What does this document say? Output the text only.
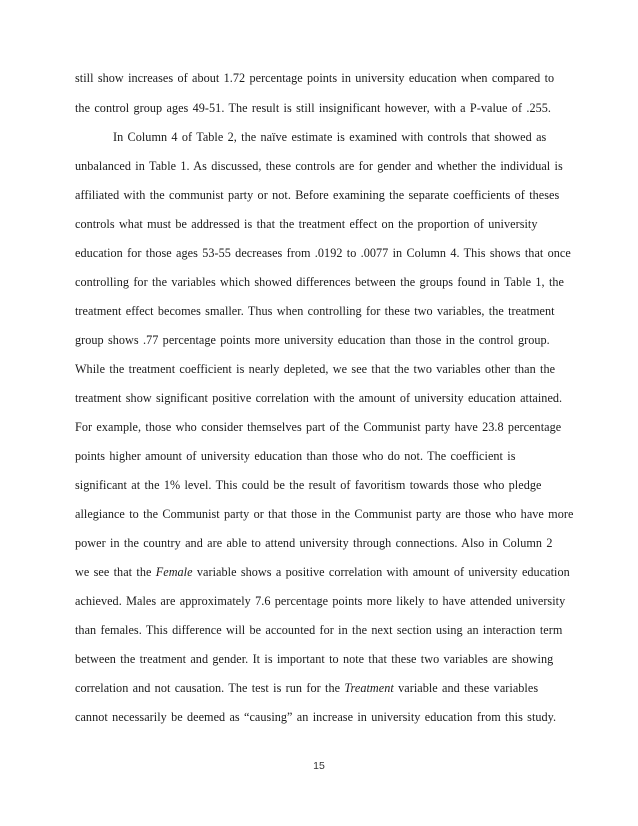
still show increases of about 1.72 percentage points in university education when compared to
the control group ages 49-51. The result is still insignificant however, with a P-value of .255.
In Column 4 of Table 2, the naïve estimate is examined with controls that showed as
unbalanced in Table 1. As discussed, these controls are for gender and whether the individual is
affiliated with the communist party or not. Before examining the separate coefficients of theses
controls what must be addressed is that the treatment effect on the proportion of university
education for those ages 53-55 decreases from .0192 to .0077 in Column 4. This shows that once
controlling for the variables which showed differences between the groups found in Table 1, the
treatment effect becomes smaller. Thus when controlling for these two variables, the treatment
group shows .77 percentage points more university education than those in the control group.
While the treatment coefficient is nearly depleted, we see that the two variables other than the
treatment show significant positive correlation with the amount of university education attained.
For example, those who consider themselves part of the Communist party have 23.8 percentage
points higher amount of university education than those who do not. The coefficient is
significant at the 1% level. This could be the result of favoritism towards those who pledge
allegiance to the Communist party or that those in the Communist party are those who have more
power in the country and are able to attend university through connections. Also in Column 2
we see that the Female variable shows a positive correlation with amount of university education
achieved. Males are approximately 7.6 percentage points more likely to have attended university
than females. This difference will be accounted for in the next section using an interaction term
between the treatment and gender. It is important to note that these two variables are showing
correlation and not causation. The test is run for the Treatment variable and these variables
cannot necessarily be deemed as “causing” an increase in university education from this study.
15
